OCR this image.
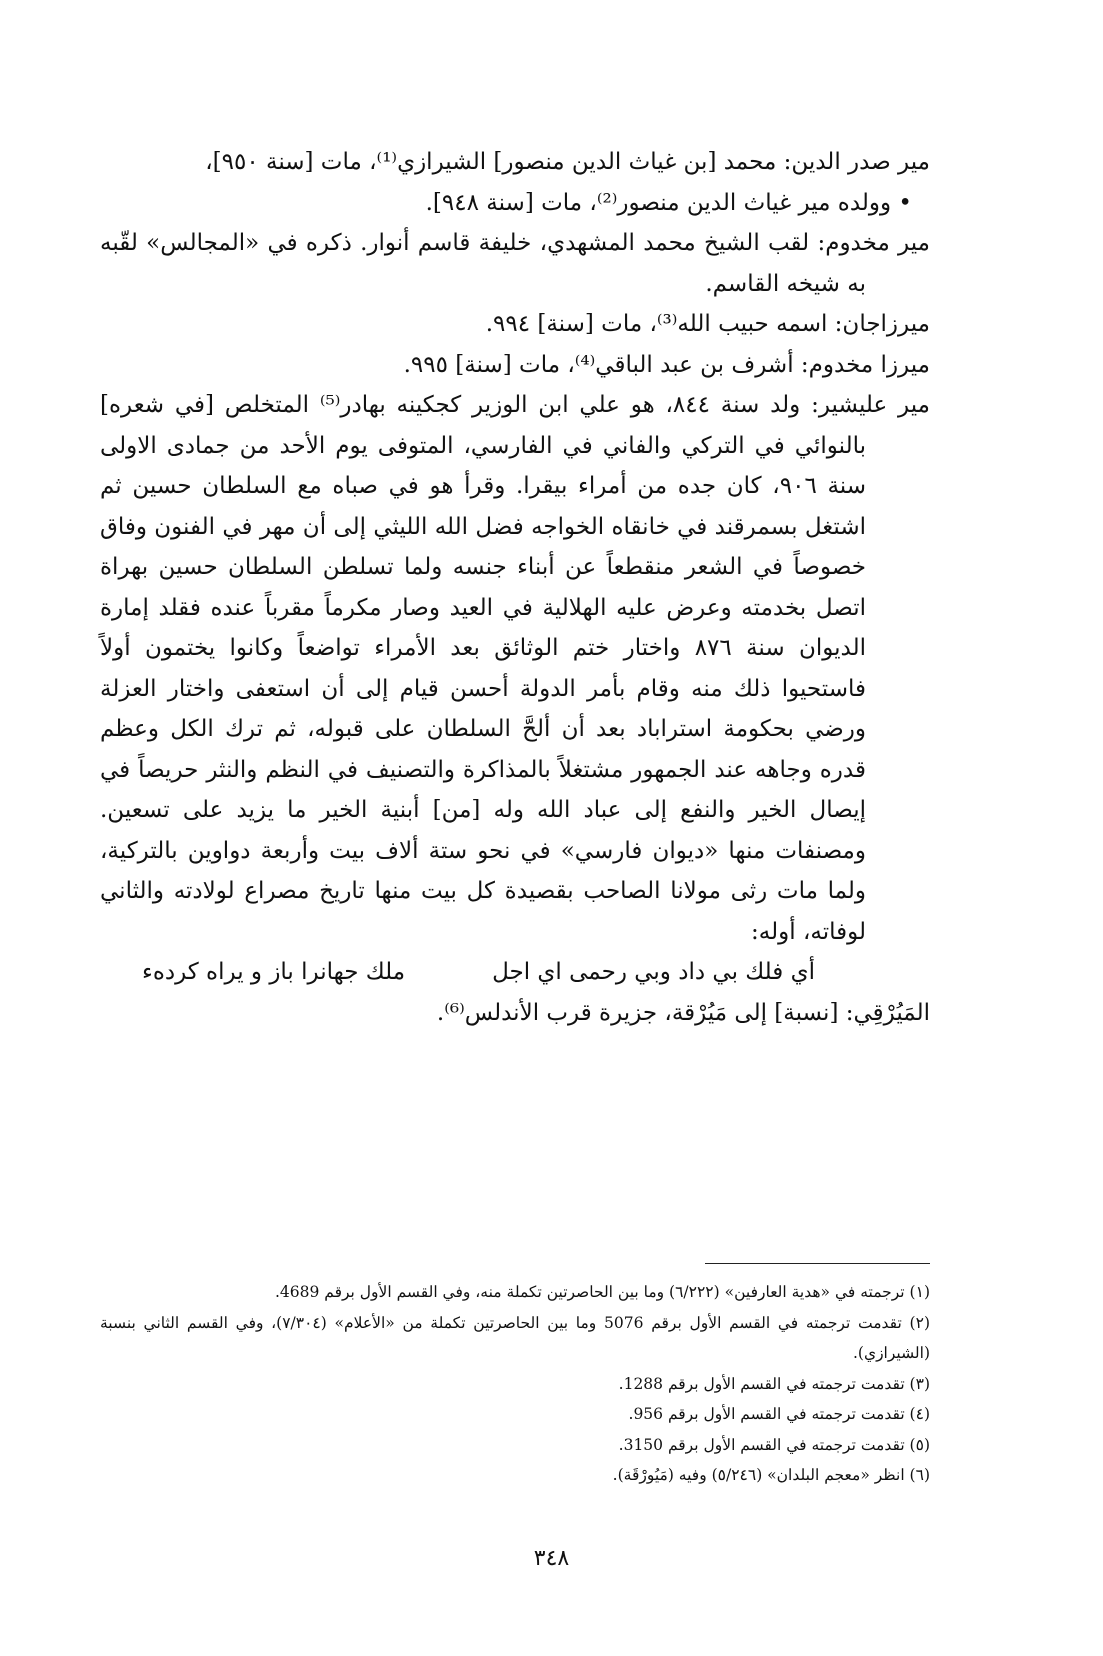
مير صدر الدين: محمد [بن غياث الدين منصور] الشيرازي⁽¹⁾، مات [سنة ٩٥٠]،

• وولده مير غياث الدين منصور⁽²⁾، مات [سنة ٩٤٨].

مير مخدوم: لقب الشيخ محمد المشهدي، خليفة قاسم أنوار. ذكره في «المجالس» لقّبه به شيخه القاسم.

ميرزاجان: اسمه حبيب الله⁽³⁾، مات [سنة] ٩٩٤.

ميرزا مخدوم: أشرف بن عبد الباقي⁽⁴⁾، مات [سنة] ٩٩٥.

مير عليشير: ولد سنة ٨٤٤، هو علي ابن الوزير كجكينه بهادر⁽⁵⁾ المتخلص [في شعره] بالنوائي في التركي والفاني في الفارسي، المتوفى يوم الأحد من جمادى الاولى سنة ٩٠٦، كان جده من أمراء بيقرا. وقرأ هو في صباه مع السلطان حسين ثم اشتغل بسمرقند في خانقاه الخواجه فضل الله الليثي إلى أن مهر في الفنون وفاق خصوصاً في الشعر منقطعاً عن أبناء جنسه ولما تسلطن السلطان حسين بهراة اتصل بخدمته وعرض عليه الهلالية في العيد وصار مكرماً مقرباً عنده فقلد إمارة الديوان سنة ٨٧٦ واختار ختم الوثائق بعد الأمراء تواضعاً وكانوا يختمون أولاً فاستحيوا ذلك منه وقام بأمر الدولة أحسن قيام إلى أن استعفى واختار العزلة ورضي بحكومة استراباد بعد أن ألحَّ السلطان على قبوله، ثم ترك الكل وعظم قدره وجاهه عند الجمهور مشتغلاً بالمذاكرة والتصنيف في النظم والنثر حريصاً في إيصال الخير والنفع إلى عباد الله وله [من] أبنية الخير ما يزيد على تسعين. ومصنفات منها «ديوان فارسي» في نحو ستة ألاف بيت وأربعة دواوين بالتركية، ولما مات رثى مولانا الصاحب بقصيدة كل بيت منها تاريخ مصراع لولادته والثاني لوفاته، أوله:

أي فلك بي داد وبي رحمى اي اجل
ملك جهانرا باز و يراه كردهء

المَيُرْقِي: [نسبة] إلى مَيُرْقة، جزيرة قرب الأندلس⁽⁶⁾.

(١) ترجمته في «هدية العارفين» (٦/٢٢٢) وما بين الحاصرتين تكملة منه، وفي القسم الأول برقم 4689.

(٢) تقدمت ترجمته في القسم الأول برقم 5076 وما بين الحاصرتين تكملة من «الأعلام» (٧/٣٠٤)، وفي القسم الثاني بنسبة (الشيرازي).

(٣) تقدمت ترجمته في القسم الأول برقم 1288.

(٤) تقدمت ترجمته في القسم الأول برقم 956.

(٥) تقدمت ترجمته في القسم الأول برقم 3150.

(٦) انظر «معجم البلدان» (٥/٢٤٦) وفيه (مَيُورْقَة).

٣٤٨
